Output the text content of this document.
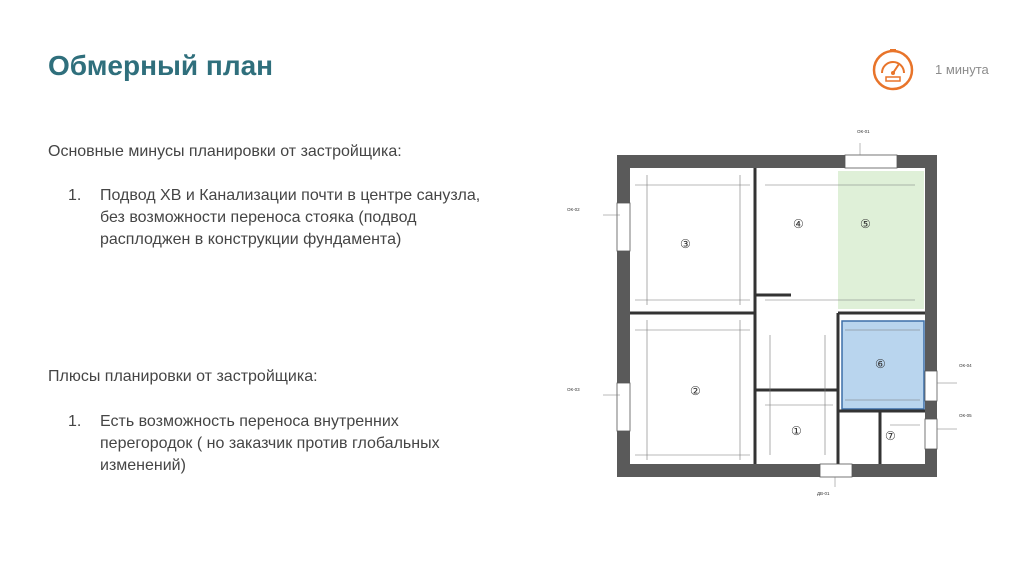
Обмерный план	1 минута
Основные минусы планировки от застройщика:
1.	Подвод ХВ и Канализации почти в центре санузла, без возможности переноса стояка (подвод расплоджен в конструкции фундамента)
Плюсы планировки от застройщика:
1.	Есть возможность переноса внутренних перегородок ( но заказчик против глобальных изменений)
ОК-01
ОК-02
ОК-03
ОК-04
ОК-05
ДВ-01
③
④	⑤
②
⑥
①	⑦
